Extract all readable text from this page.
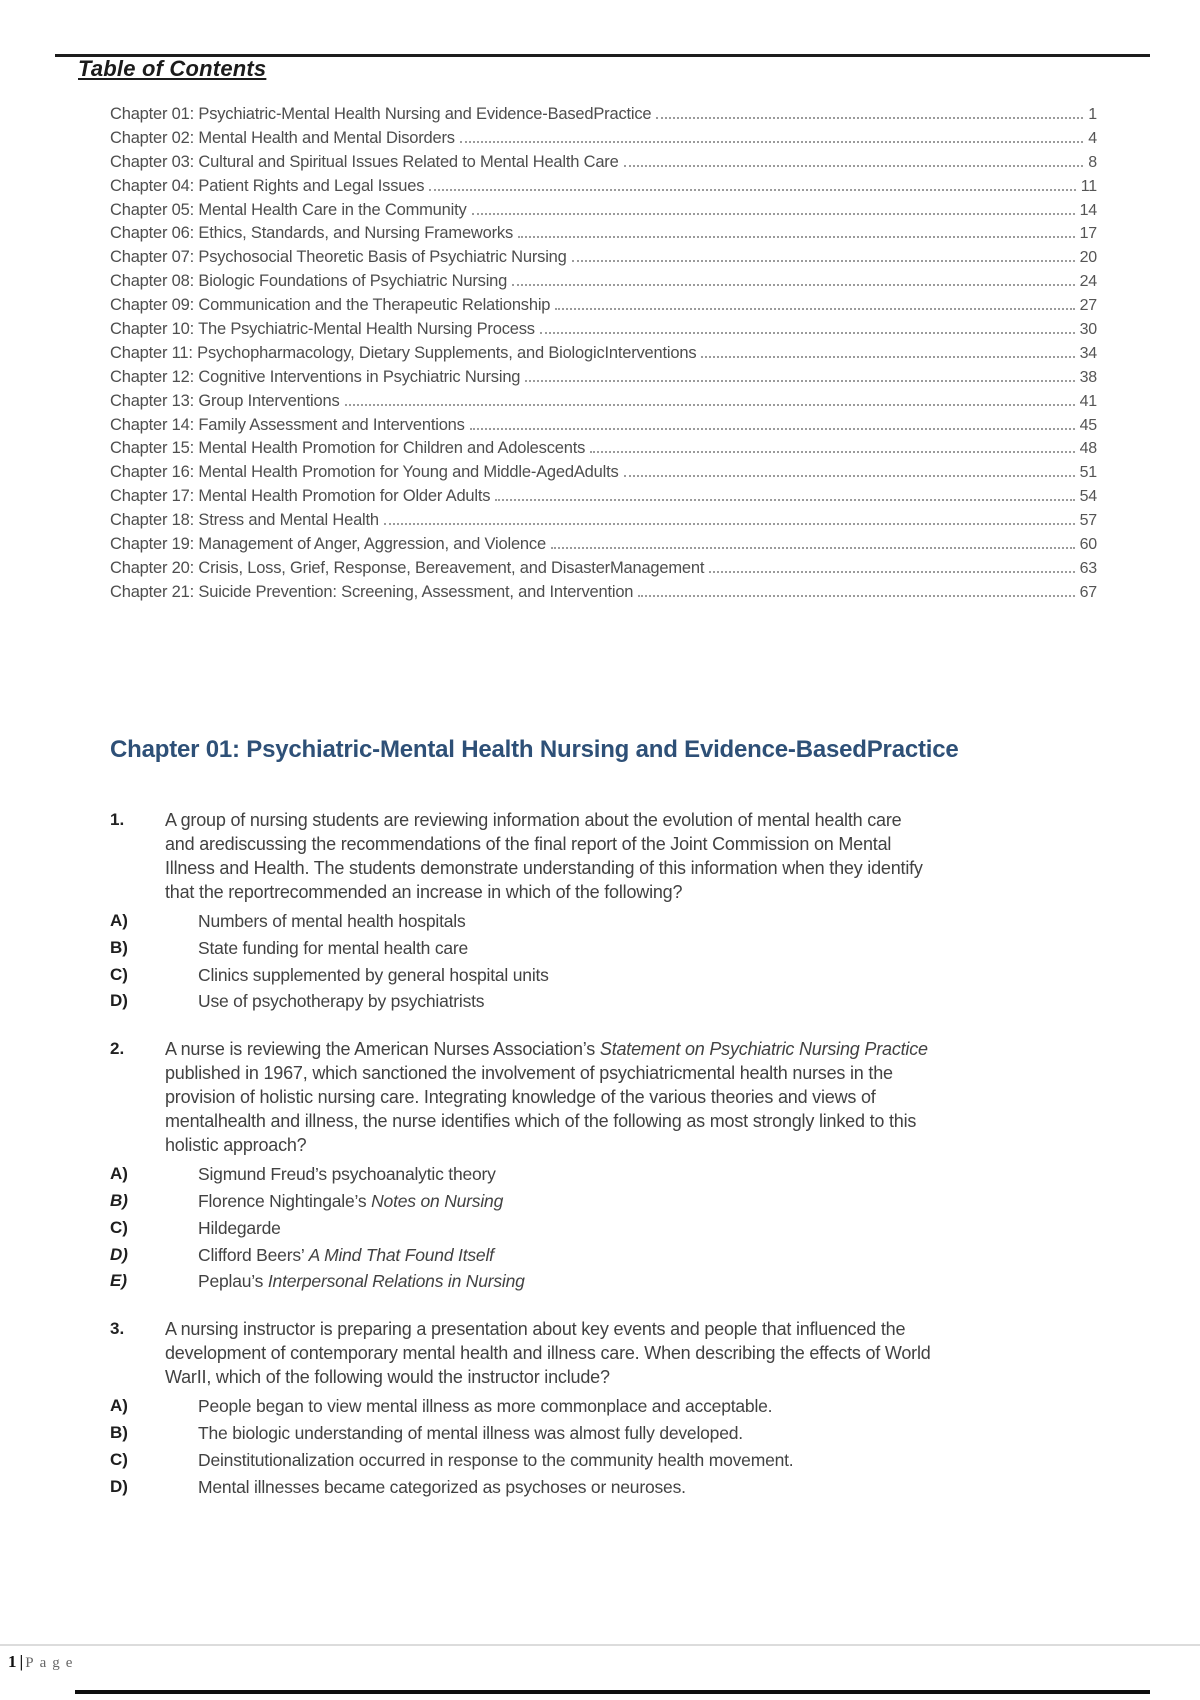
Table of Contents
Chapter 01: Psychiatric-Mental Health Nursing and Evidence-BasedPractice	1
Chapter 02: Mental Health and Mental Disorders	4
Chapter 03: Cultural and Spiritual Issues Related to Mental Health Care	8
Chapter 04: Patient Rights and Legal Issues	11
Chapter 05: Mental Health Care in the Community	14
Chapter 06: Ethics, Standards, and Nursing Frameworks	17
Chapter 07: Psychosocial Theoretic Basis of Psychiatric Nursing	20
Chapter 08: Biologic Foundations of Psychiatric Nursing	24
Chapter 09: Communication and the Therapeutic Relationship	27
Chapter 10: The Psychiatric-Mental Health Nursing Process	30
Chapter 11: Psychopharmacology, Dietary Supplements, and BiologicInterventions	34
Chapter 12: Cognitive Interventions in Psychiatric Nursing	38
Chapter 13: Group Interventions	41
Chapter 14: Family Assessment and Interventions	45
Chapter 15: Mental Health Promotion for Children and Adolescents	48
Chapter 16: Mental Health Promotion for Young and Middle-AgedAdults	51
Chapter 17: Mental Health Promotion for Older Adults	54
Chapter 18: Stress and Mental Health	57
Chapter 19: Management of Anger, Aggression, and Violence	60
Chapter 20: Crisis, Loss, Grief, Response, Bereavement, and DisasterManagement	63
Chapter 21: Suicide Prevention: Screening, Assessment, and Intervention	67
Chapter 01: Psychiatric-Mental Health Nursing and Evidence-BasedPractice
1.	A group of nursing students are reviewing information about the evolution of mental health care and arediscussing the recommendations of the final report of the Joint Commission on Mental Illness and Health. The students demonstrate understanding of this information when they identify that the reportrecommended an increase in which of the following?
A)	Numbers of mental health hospitals
B)	State funding for mental health care
C)	Clinics supplemented by general hospital units
D)	Use of psychotherapy by psychiatrists
2.	A nurse is reviewing the American Nurses Association’s Statement on Psychiatric Nursing Practice published in 1967, which sanctioned the involvement of psychiatricmental health nurses in the provision of holistic nursing care. Integrating knowledge of the various theories and views of mentalhealth and illness, the nurse identifies which of the following as most strongly linked to this holistic approach?
A)	Sigmund Freud’s psychoanalytic theory
B)	Florence Nightingale’s Notes on Nursing
C)	Hildegarde
D)	Clifford Beers’ A Mind That Found Itself
E)	Peplau’s Interpersonal Relations in Nursing
3.	A nursing instructor is preparing a presentation about key events and people that influenced the development of contemporary mental health and illness care. When describing the effects of World WarII, which of the following would the instructor include?
A)	People began to view mental illness as more commonplace and acceptable.
B)	The biologic understanding of mental illness was almost fully developed.
C)	Deinstitutionalization occurred in response to the community health movement.
D)	Mental illnesses became categorized as psychoses or neuroses.
1 | Page
